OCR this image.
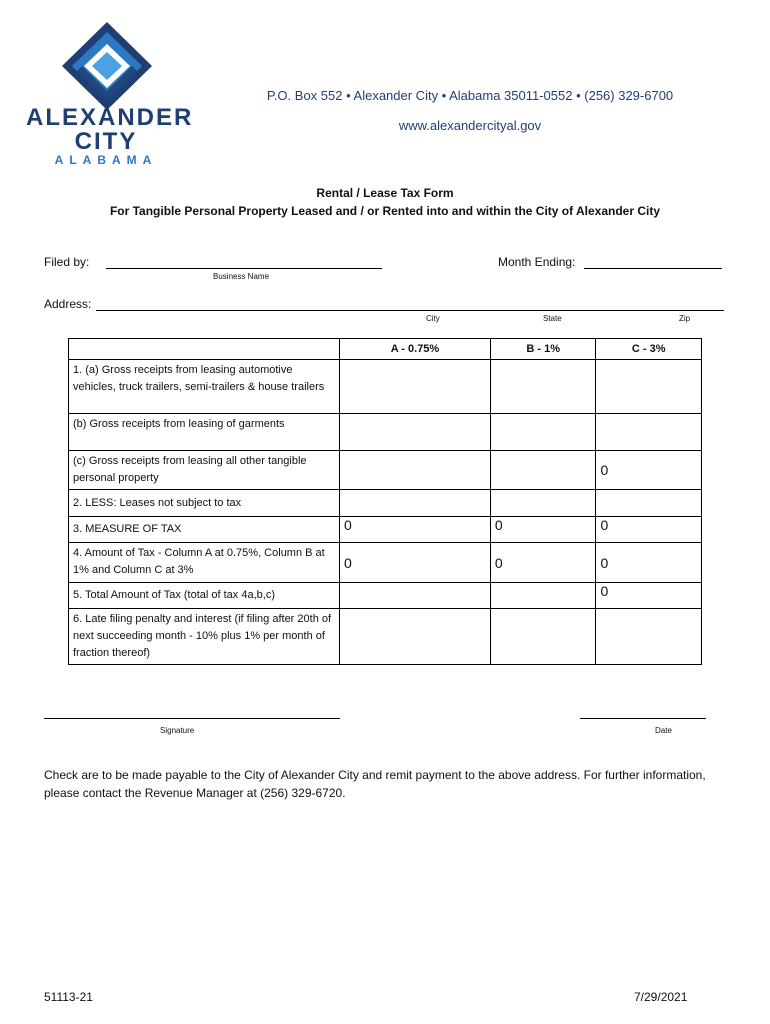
ALEXANDER
CITY
ALABAMA
P.O. Box 552 • Alexander City • Alabama 35011-0552 • (256) 329-6700
www.alexandercityal.gov
Rental / Lease Tax Form
For Tangible Personal Property Leased and / or Rented into and within the City of Alexander City
Filed by:
Business Name
Month Ending:
Address:
City	State	Zip
	A - 0.75%	B - 1%	C - 3%
1. (a) Gross receipts from leasing automotive vehicles, truck trailers, semi-trailers & house trailers			
(b) Gross receipts from leasing of garments			
(c) Gross receipts from leasing all other tangible personal property			0
2. LESS: Leases not subject to tax			
3. MEASURE OF TAX	0	0	0
4. Amount of Tax - Column A at 0.75%, Column B at 1% and Column C at 3%	0	0	0
5. Total Amount of Tax (total of tax 4a,b,c)			0
6. Late filing penalty and interest (if filing after 20th of next succeeding month - 10% plus 1% per month of fraction thereof)			
Signature	Date
Check are to be made payable to the City of Alexander City and remit payment to the above address. For further information, please contact the Revenue Manager at (256) 329-6720.
51113-21	7/29/2021
